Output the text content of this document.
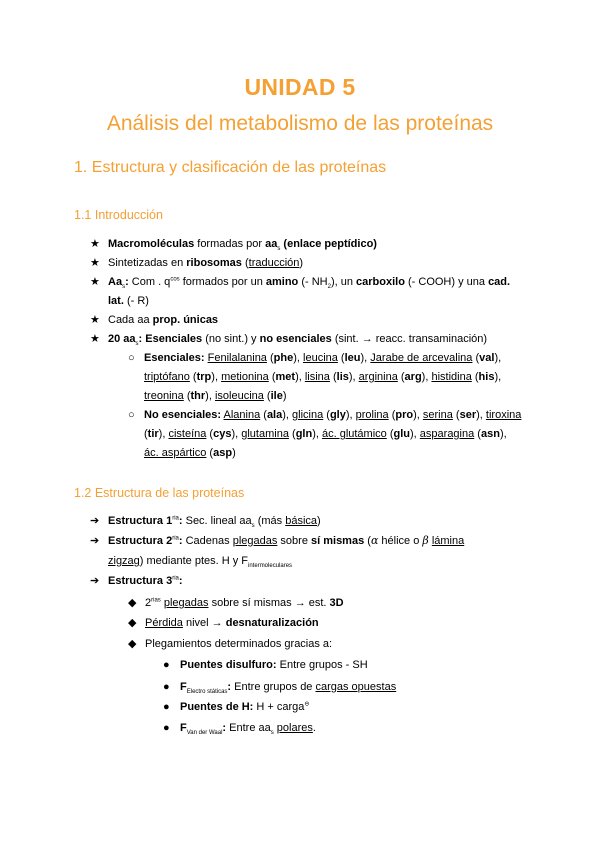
UNIDAD 5
Análisis del metabolismo de las proteínas
1. Estructura y clasificación de las proteínas
1.1 Introducción
★ Macromoléculas formadas por $aa_s$ (enlace peptídico)
★ Sintetizadas en ribosomas (traducción)
★ $Aa_s$: Com . $q^{cos}$ formados por un amino (- $NH_2$), un carboxilo (- COOH) y una cad.
lat. (- R)
★ Cada aa prop. únicas
★ 20 $aa_s$: Esenciales (no sint.) y no esenciales (sint. → reacc. transaminación)
○ Esenciales: Fenilalanina (phe), leucina (leu), Jarabe de arcevalina (val),
triptófano (trp), metionina (met), lisina (lis), arginina (arg), histidina (his),
treonina (thr), isoleucina (ile)
○ No esenciales: Alanina (ala), glicina (gly), prolina (pro), serina (ser), tiroxina
(tir), cisteína (cys), glutamina (gln), ác. glutámico (glu), asparagina (asn),
ác. aspártico (asp)
1.2 Estructura de las proteínas
➔ Estructura $1^{ria}$: Sec. lineal $aa_s$ (más básica)
➔ Estructura $2^{ria}$: Cadenas plegadas sobre sí mismas (α hélice o β lámina
zigzag) mediante ptes. H y $F_{intermoleculares}$
➔ Estructura $3^{ria}$:
◆ $2^{rias}$ plegadas sobre sí mismas → est. 3D
◆ Pérdida nivel → desnaturalización
◆ Plegamientos determinados gracias a:
● Puentes disulfuro: Entre grupos - SH
● $F_{Electro státicas}$: Entre grupos de cargas opuestas
● Puentes de H: H + carga⊖
● $F_{Van der Waal}$: Entre $aa_s$ polares.
